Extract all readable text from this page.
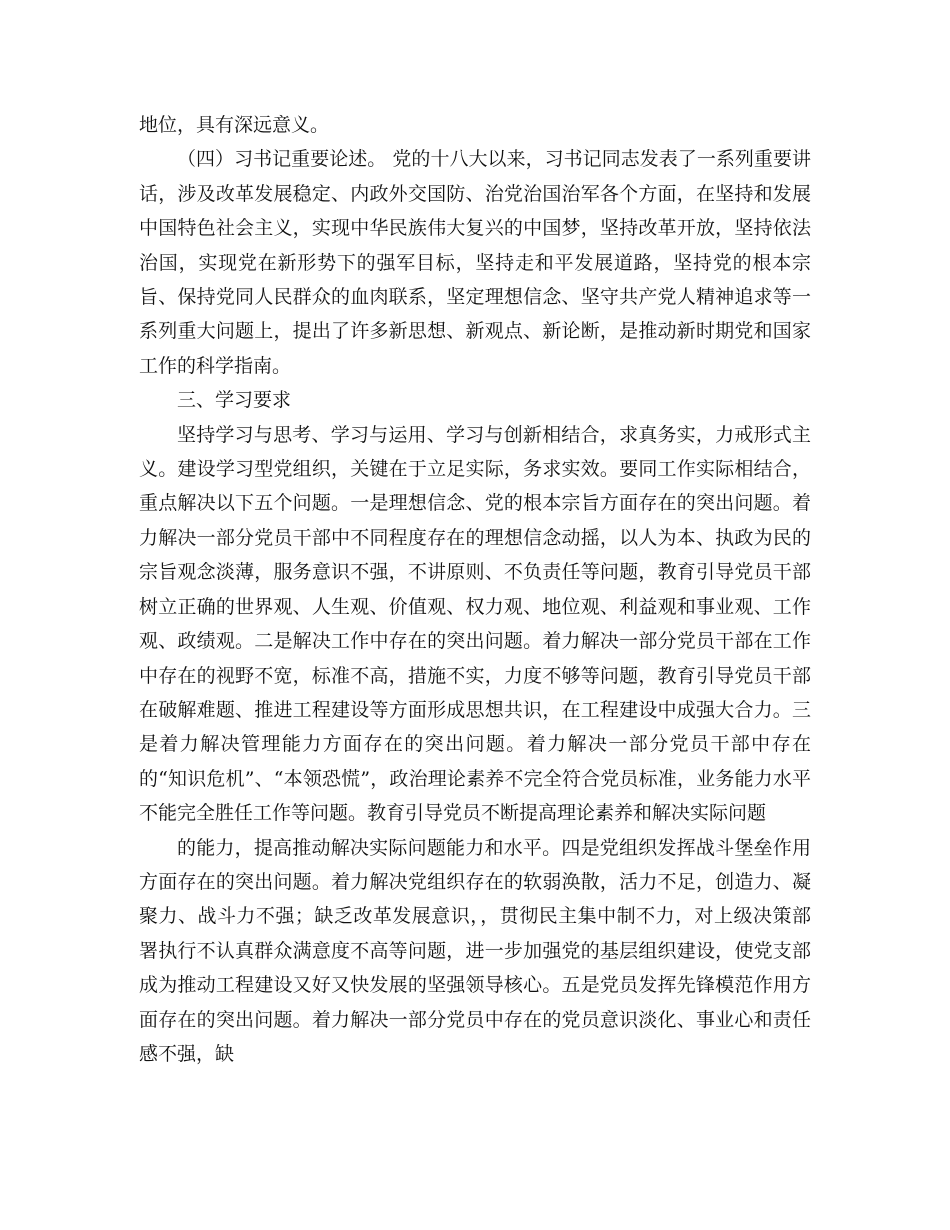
地位，具有深远意义。

（四）习书记重要论述。 党的十八大以来，习书记同志发表了一系列重要讲话，涉及改革发展稳定、内政外交国防、治党治国治军各个方面，在坚持和发展中国特色社会主义，实现中华民族伟大复兴的中国梦，坚持改革开放，坚持依法治国，实现党在新形势下的强军目标，坚持走和平发展道路，坚持党的根本宗旨、保持党同人民群众的血肉联系，坚定理想信念、坚守共产党人精神追求等一系列重大问题上，提出了许多新思想、新观点、新论断，是推动新时期党和国家工作的科学指南。

三、学习要求

坚持学习与思考、学习与运用、学习与创新相结合，求真务实，力戒形式主义。建设学习型党组织，关键在于立足实际，务求实效。要同工作实际相结合，重点解决以下五个问题。一是理想信念、党的根本宗旨方面存在的突出问题。着力解决一部分党员干部中不同程度存在的理想信念动摇，以人为本、执政为民的宗旨观念淡薄，服务意识不强，不讲原则、不负责任等问题，教育引导党员干部树立正确的世界观、人生观、价值观、权力观、地位观、利益观和事业观、工作观、政绩观。二是解决工作中存在的突出问题。着力解决一部分党员干部在工作中存在的视野不宽，标准不高，措施不实，力度不够等问题，教育引导党员干部在破解难题、推进工程建设等方面形成思想共识，在工程建设中成强大合力。三是着力解决管理能力方面存在的突出问题。着力解决一部分党员干部中存在的“知识危机”、“本领恐慌”，政治理论素养不完全符合党员标准，业务能力水平不能完全胜任工作等问题。教育引导党员不断提高理论素养和解决实际问题

的能力，提高推动解决实际问题能力和水平。四是党组织发挥战斗堡垒作用方面存在的突出问题。着力解决党组织存在的软弱涣散，活力不足，创造力、凝聚力、战斗力不强；缺乏改革发展意识，，贯彻民主集中制不力，对上级决策部署执行不认真群众满意度不高等问题，进一步加强党的基层组织建设，使党支部成为推动工程建设又好又快发展的坚强领导核心。五是党员发挥先锋模范作用方面存在的突出问题。着力解决一部分党员中存在的党员意识淡化、事业心和责任感不强，缺
